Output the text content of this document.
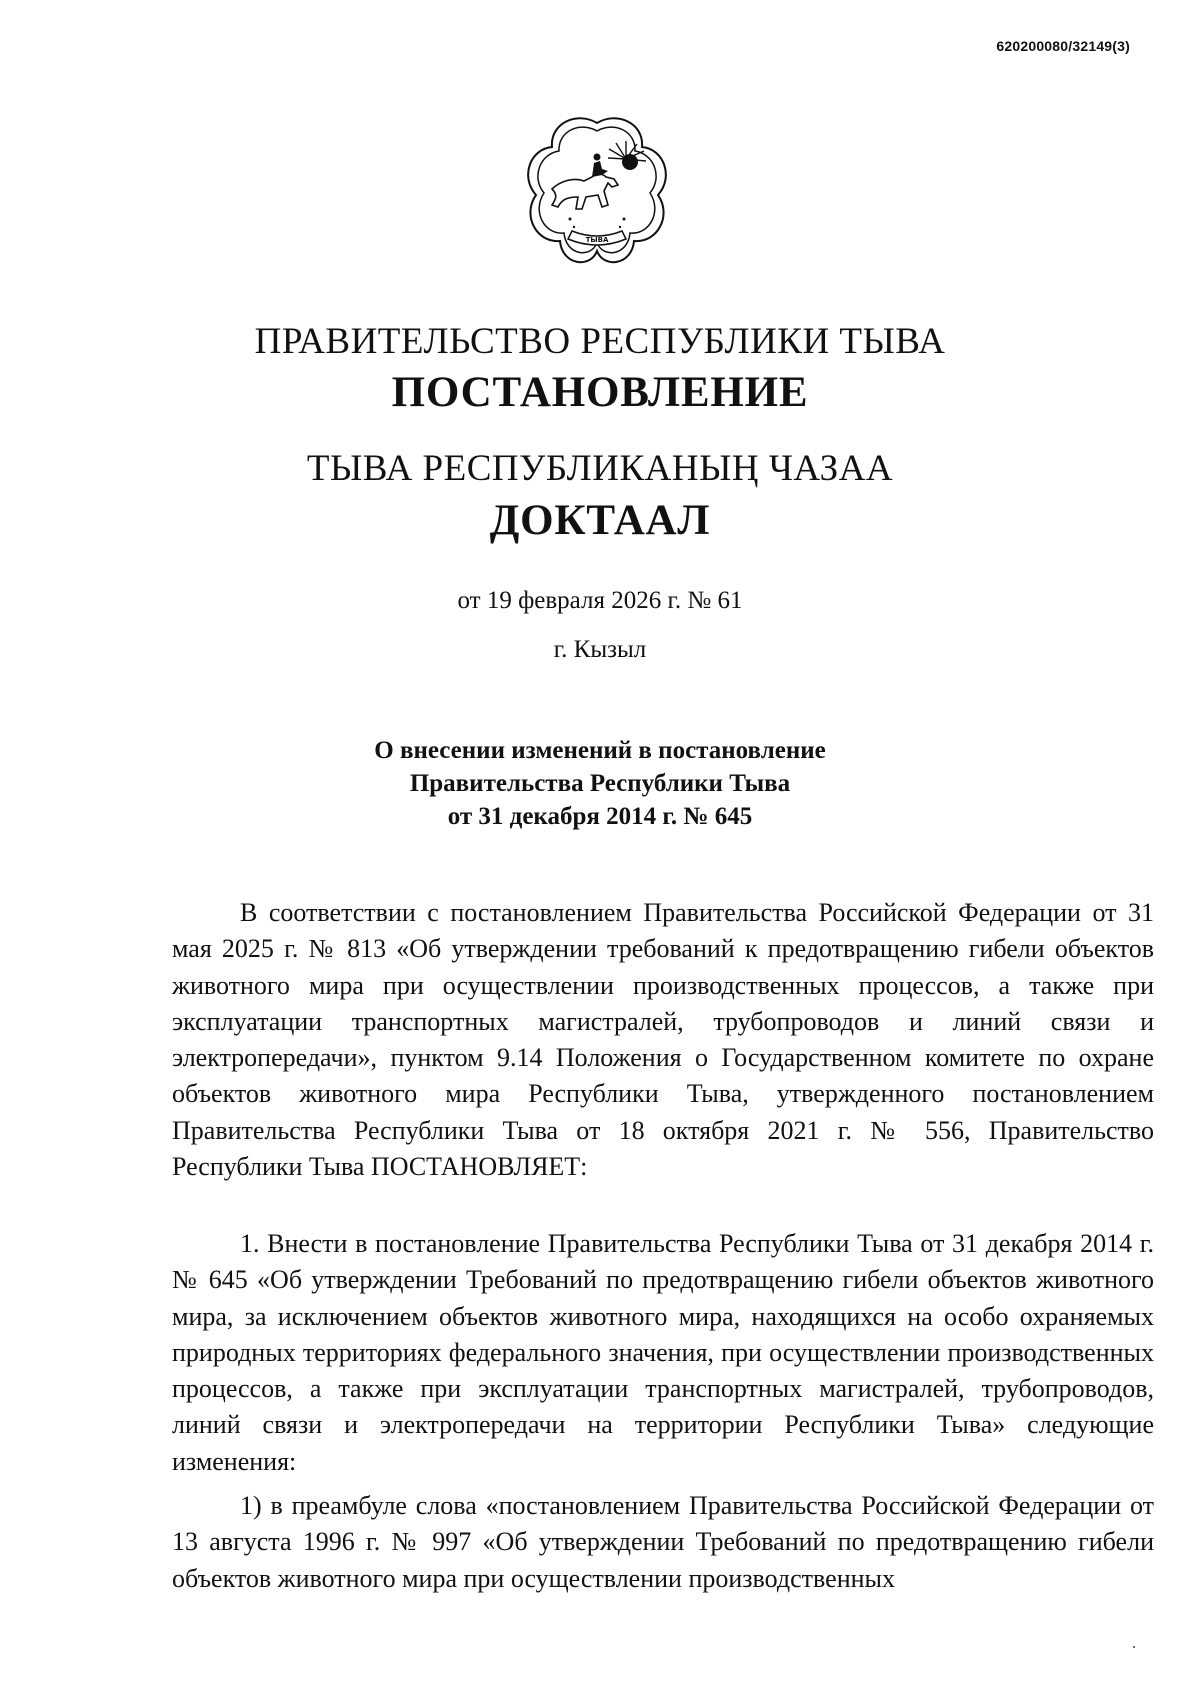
620200080/32149(3)
ТЫВА
ПРАВИТЕЛЬСТВО РЕСПУБЛИКИ ТЫВА
ПОСТАНОВЛЕНИЕ
ТЫВА РЕСПУБЛИКАНЫҢ ЧАЗАА
ДОКТААЛ
от 19 февраля 2026 г. № 61
г. Кызыл
О внесении изменений в постановление
Правительства Республики Тыва
от 31 декабря 2014 г. № 645

В соответствии с постановлением Правительства Российской Федерации от 31 мая 2025 г. № 813 «Об утверждении требований к предотвращению гибели объектов животного мира при осуществлении производственных процессов, а также при эксплуатации транспортных магистралей, трубопроводов и линий связи и электропередачи», пунктом 9.14 Положения о Государственном комитете по охране объектов животного мира Республики Тыва, утвержденного постановлением Правительства Республики Тыва от 18 октября 2021 г. № 556, Правительство Республики Тыва ПОСТАНОВЛЯЕТ:

1. Внести в постановление Правительства Республики Тыва от 31 декабря 2014 г. № 645 «Об утверждении Требований по предотвращению гибели объектов животного мира, за исключением объектов животного мира, находящихся на особо охраняемых природных территориях федерального значения, при осуществлении производственных процессов, а также при эксплуатации транспортных магистралей, трубопроводов, линий связи и электропередачи на территории Республики Тыва» следующие изменения:

1) в преамбуле слова «постановлением Правительства Российской Федерации от 13 августа 1996 г. № 997 «Об утверждении Требований по предотвращению гибели объектов животного мира при осуществлении производственных
